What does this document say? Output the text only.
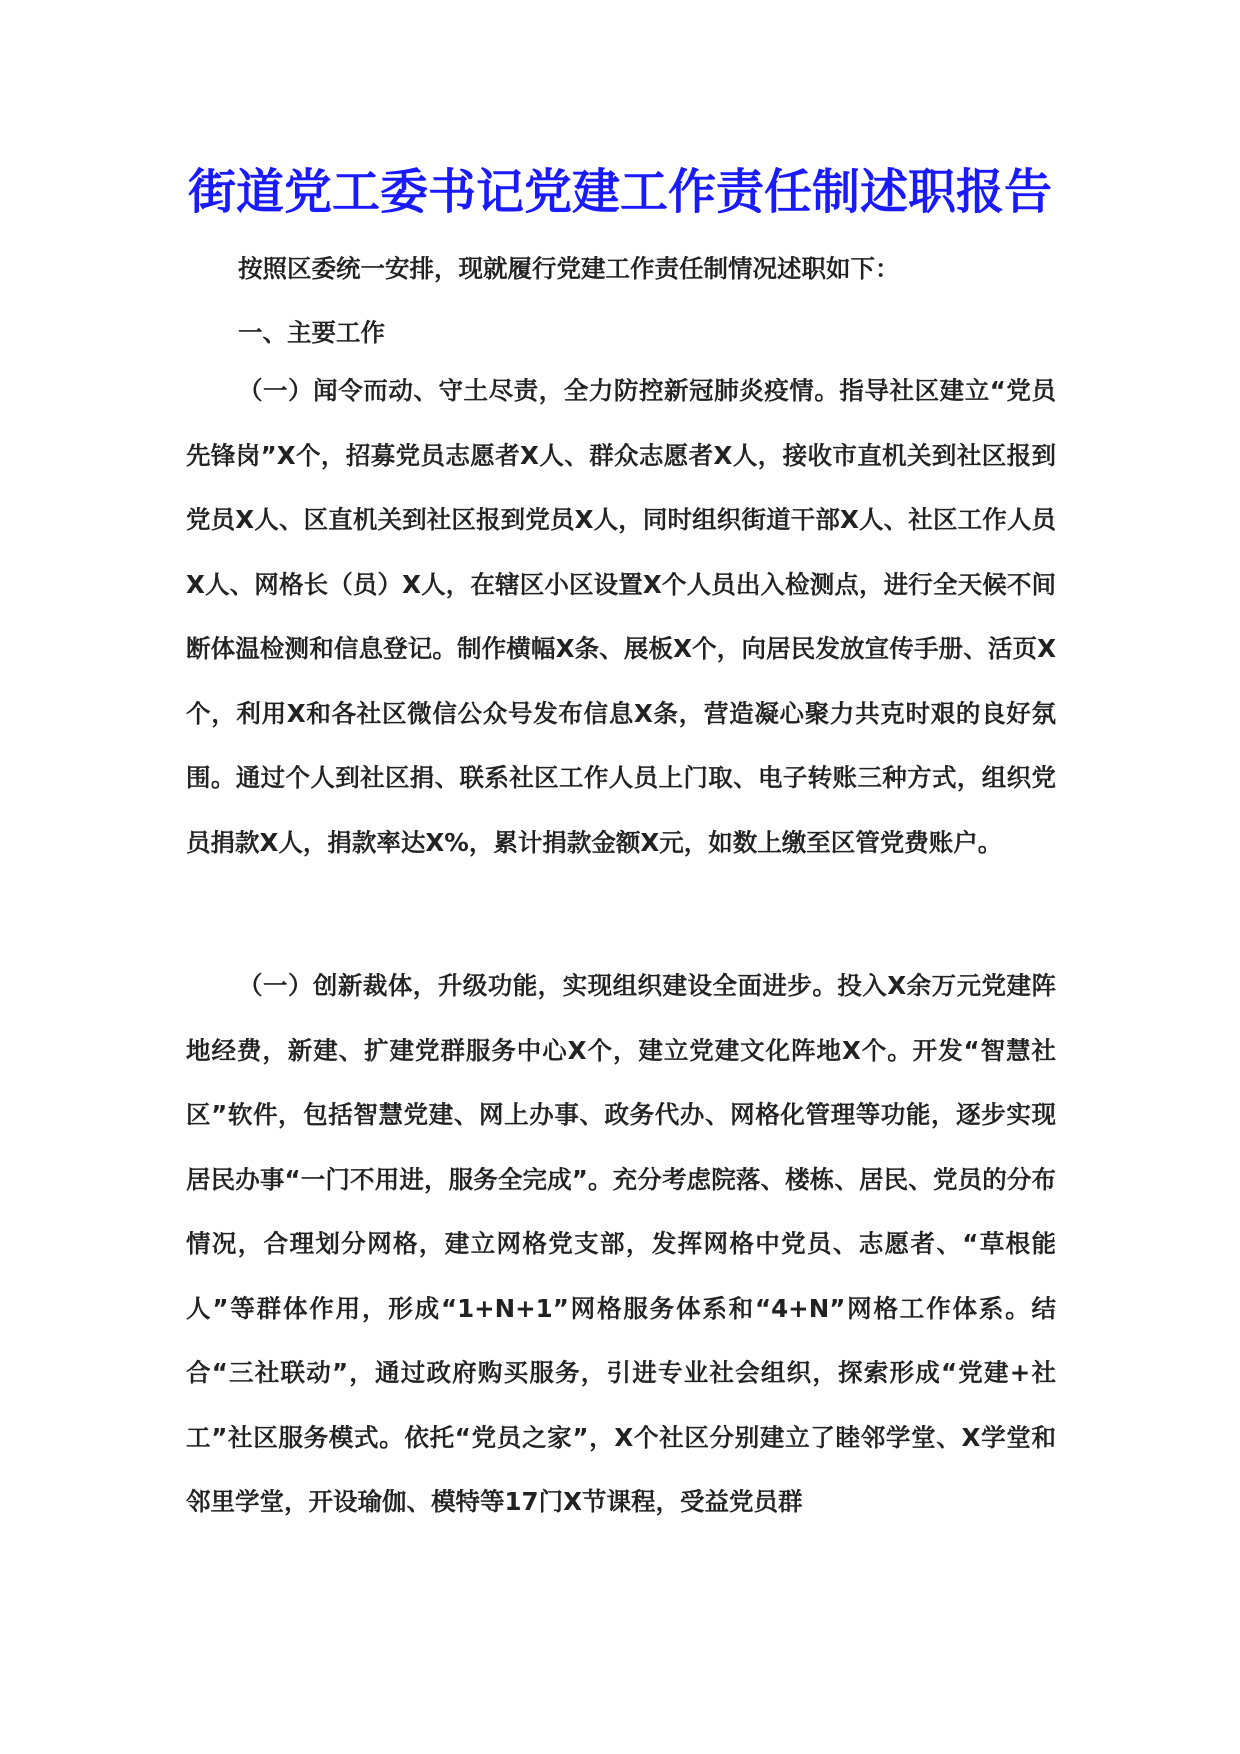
街道党工委书记党建工作责任制述职报告

按照区委统一安排，现就履行党建工作责任制情况述职如下：

一、主要工作

（一）闻令而动、守土尽责，全力防控新冠肺炎疫情。指导社区建立“党员先锋岗”X个，招募党员志愿者X人、群众志愿者X人，接收市直机关到社区报到党员X人、区直机关到社区报到党员X人，同时组织街道干部X人、社区工作人员X人、网格长（员）X人，在辖区小区设置X个人员出入检测点，进行全天候不间断体温检测和信息登记。制作横幅X条、展板X个，向居民发放宣传手册、活页X个，利用X和各社区微信公众号发布信息X条，营造凝心聚力共克时艰的良好氛围。通过个人到社区捐、联系社区工作人员上门取、电子转账三种方式，组织党员捐款X人，捐款率达X%，累计捐款金额X元，如数上缴至区管党费账户。

（一）创新裁体，升级功能，实现组织建设全面进步。投入X余万元党建阵地经费，新建、扩建党群服务中心X个，建立党建文化阵地X个。开发“智慧社区”软件，包括智慧党建、网上办事、政务代办、网格化管理等功能，逐步实现居民办事“一门不用进，服务全完成”。充分考虑院落、楼栋、居民、党员的分布情况，合理划分网格，建立网格党支部，发挥网格中党员、志愿者、“草根能人”等群体作用，形成“1+N+1”网格服务体系和“4+N”网格工作体系。结合“三社联动”，通过政府购买服务，引进专业社会组织，探索形成“党建+社工”社区服务模式。依托“党员之家”，X个社区分别建立了睦邻学堂、X学堂和邻里学堂，开设瑜伽、模特等17门X节课程，受益党员群
